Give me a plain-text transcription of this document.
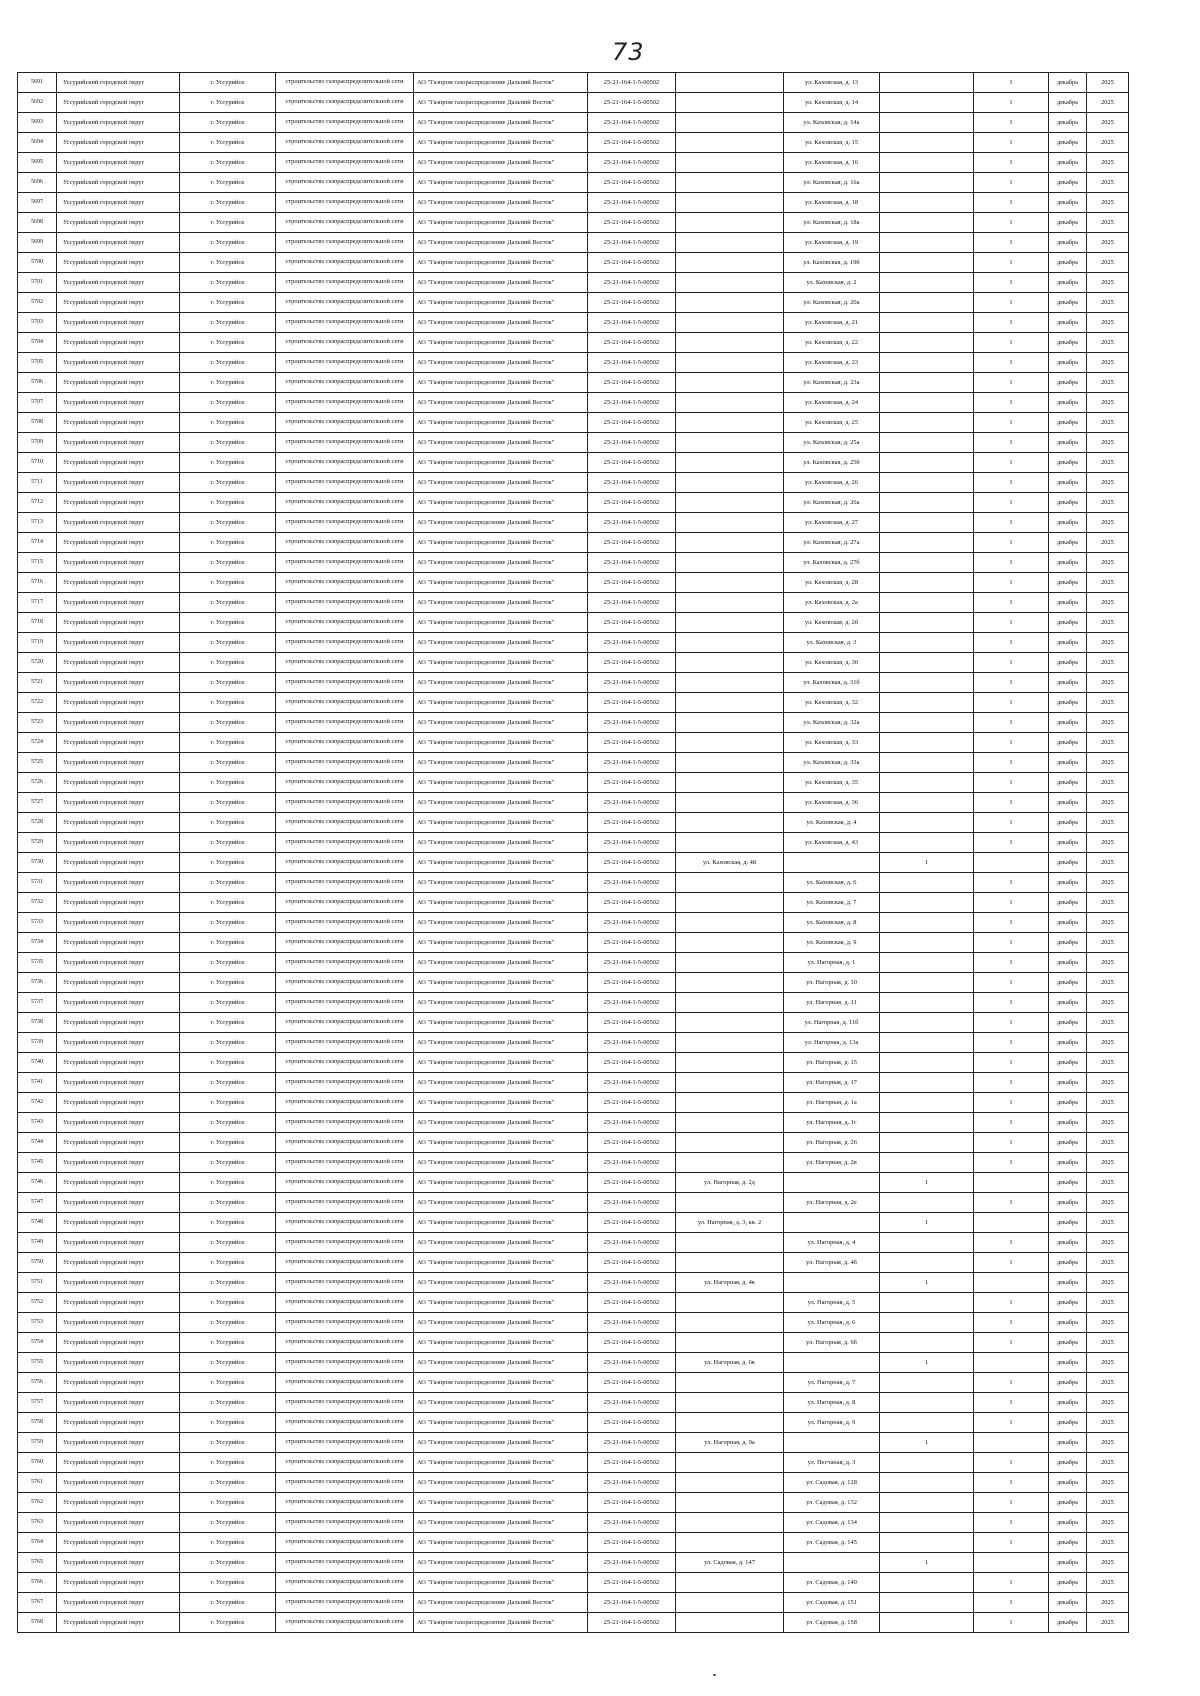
73
5691	Уссурийский городской округ	г. Уссурийск	строительство газораспределительной сети	АО "Газпром газораспределение Дальний Восток"	25-21-164-1-5-00502		ул. Каховская, д. 13		1	декабрь	2025
5692	Уссурийский городской округ	г. Уссурийск	строительство газораспределительной сети	АО "Газпром газораспределение Дальний Восток"	25-21-164-1-5-00502		ул. Каховская, д. 14		1	декабрь	2025
5693	Уссурийский городской округ	г. Уссурийск	строительство газораспределительной сети	АО "Газпром газораспределение Дальний Восток"	25-21-164-1-5-00502		ул. Каховская, д. 14а		1	декабрь	2025
5694	Уссурийский городской округ	г. Уссурийск	строительство газораспределительной сети	АО "Газпром газораспределение Дальний Восток"	25-21-164-1-5-00502		ул. Каховская, д. 15		1	декабрь	2025
5695	Уссурийский городской округ	г. Уссурийск	строительство газораспределительной сети	АО "Газпром газораспределение Дальний Восток"	25-21-164-1-5-00502		ул. Каховская, д. 16		1	декабрь	2025
5696	Уссурийский городской округ	г. Уссурийск	строительство газораспределительной сети	АО "Газпром газораспределение Дальний Восток"	25-21-164-1-5-00502		ул. Каховская, д. 16а		1	декабрь	2025
5697	Уссурийский городской округ	г. Уссурийск	строительство газораспределительной сети	АО "Газпром газораспределение Дальний Восток"	25-21-164-1-5-00502		ул. Каховская, д. 18		1	декабрь	2025
5698	Уссурийский городской округ	г. Уссурийск	строительство газораспределительной сети	АО "Газпром газораспределение Дальний Восток"	25-21-164-1-5-00502		ул. Каховская, д. 18а		1	декабрь	2025
5699	Уссурийский городской округ	г. Уссурийск	строительство газораспределительной сети	АО "Газпром газораспределение Дальний Восток"	25-21-164-1-5-00502		ул. Каховская, д. 19		1	декабрь	2025
5700	Уссурийский городской округ	г. Уссурийск	строительство газораспределительной сети	АО "Газпром газораспределение Дальний Восток"	25-21-164-1-5-00502		ул. Каховская, д. 19б		1	декабрь	2025
5701	Уссурийский городской округ	г. Уссурийск	строительство газораспределительной сети	АО "Газпром газораспределение Дальний Восток"	25-21-164-1-5-00502		ул. Каховская, д. 2		1	декабрь	2025
5702	Уссурийский городской округ	г. Уссурийск	строительство газораспределительной сети	АО "Газпром газораспределение Дальний Восток"	25-21-164-1-5-00502		ул. Каховская, д. 20а		1	декабрь	2025
5703	Уссурийский городской округ	г. Уссурийск	строительство газораспределительной сети	АО "Газпром газораспределение Дальний Восток"	25-21-164-1-5-00502		ул. Каховская, д. 21		1	декабрь	2025
5704	Уссурийский городской округ	г. Уссурийск	строительство газораспределительной сети	АО "Газпром газораспределение Дальний Восток"	25-21-164-1-5-00502		ул. Каховская, д. 22		1	декабрь	2025
5705	Уссурийский городской округ	г. Уссурийск	строительство газораспределительной сети	АО "Газпром газораспределение Дальний Восток"	25-21-164-1-5-00502		ул. Каховская, д. 23		1	декабрь	2025
5706	Уссурийский городской округ	г. Уссурийск	строительство газораспределительной сети	АО "Газпром газораспределение Дальний Восток"	25-21-164-1-5-00502		ул. Каховская, д. 23а		1	декабрь	2025
5707	Уссурийский городской округ	г. Уссурийск	строительство газораспределительной сети	АО "Газпром газораспределение Дальний Восток"	25-21-164-1-5-00502		ул. Каховская, д. 24		1	декабрь	2025
5708	Уссурийский городской округ	г. Уссурийск	строительство газораспределительной сети	АО "Газпром газораспределение Дальний Восток"	25-21-164-1-5-00502		ул. Каховская, д. 25		1	декабрь	2025
5709	Уссурийский городской округ	г. Уссурийск	строительство газораспределительной сети	АО "Газпром газораспределение Дальний Восток"	25-21-164-1-5-00502		ул. Каховская, д. 25а		1	декабрь	2025
5710	Уссурийский городской округ	г. Уссурийск	строительство газораспределительной сети	АО "Газпром газораспределение Дальний Восток"	25-21-164-1-5-00502		ул. Каховская, д. 25б		1	декабрь	2025
5711	Уссурийский городской округ	г. Уссурийск	строительство газораспределительной сети	АО "Газпром газораспределение Дальний Восток"	25-21-164-1-5-00502		ул. Каховская, д. 26		1	декабрь	2025
5712	Уссурийский городской округ	г. Уссурийск	строительство газораспределительной сети	АО "Газпром газораспределение Дальний Восток"	25-21-164-1-5-00502		ул. Каховская, д. 26а		1	декабрь	2025
5713	Уссурийский городской округ	г. Уссурийск	строительство газораспределительной сети	АО "Газпром газораспределение Дальний Восток"	25-21-164-1-5-00502		ул. Каховская, д. 27		1	декабрь	2025
5714	Уссурийский городской округ	г. Уссурийск	строительство газораспределительной сети	АО "Газпром газораспределение Дальний Восток"	25-21-164-1-5-00502		ул. Каховская, д. 27а		1	декабрь	2025
5715	Уссурийский городской округ	г. Уссурийск	строительство газораспределительной сети	АО "Газпром газораспределение Дальний Восток"	25-21-164-1-5-00502		ул. Каховская, д. 27б		1	декабрь	2025
5716	Уссурийский городской округ	г. Уссурийск	строительство газораспределительной сети	АО "Газпром газораспределение Дальний Восток"	25-21-164-1-5-00502		ул. Каховская, д. 28		1	декабрь	2025
5717	Уссурийский городской округ	г. Уссурийск	строительство газораспределительной сети	АО "Газпром газораспределение Дальний Восток"	25-21-164-1-5-00502		ул. Каховская, д. 2а		1	декабрь	2025
5718	Уссурийский городской округ	г. Уссурийск	строительство газораспределительной сети	АО "Газпром газораспределение Дальний Восток"	25-21-164-1-5-00502		ул. Каховская, д. 2б		1	декабрь	2025
5719	Уссурийский городской округ	г. Уссурийск	строительство газораспределительной сети	АО "Газпром газораспределение Дальний Восток"	25-21-164-1-5-00502		ул. Каховская, д. 3		1	декабрь	2025
5720	Уссурийский городской округ	г. Уссурийск	строительство газораспределительной сети	АО "Газпром газораспределение Дальний Восток"	25-21-164-1-5-00502		ул. Каховская, д. 30		1	декабрь	2025
5721	Уссурийский городской округ	г. Уссурийск	строительство газораспределительной сети	АО "Газпром газораспределение Дальний Восток"	25-21-164-1-5-00502		ул. Каховская, д. 31б		1	декабрь	2025
5722	Уссурийский городской округ	г. Уссурийск	строительство газораспределительной сети	АО "Газпром газораспределение Дальний Восток"	25-21-164-1-5-00502		ул. Каховская, д. 32		1	декабрь	2025
5723	Уссурийский городской округ	г. Уссурийск	строительство газораспределительной сети	АО "Газпром газораспределение Дальний Восток"	25-21-164-1-5-00502		ул. Каховская, д. 32а		1	декабрь	2025
5724	Уссурийский городской округ	г. Уссурийск	строительство газораспределительной сети	АО "Газпром газораспределение Дальний Восток"	25-21-164-1-5-00502		ул. Каховская, д. 33		1	декабрь	2025
5725	Уссурийский городской округ	г. Уссурийск	строительство газораспределительной сети	АО "Газпром газораспределение Дальний Восток"	25-21-164-1-5-00502		ул. Каховская, д. 33а		1	декабрь	2025
5726	Уссурийский городской округ	г. Уссурийск	строительство газораспределительной сети	АО "Газпром газораспределение Дальний Восток"	25-21-164-1-5-00502		ул. Каховская, д. 35		1	декабрь	2025
5727	Уссурийский городской округ	г. Уссурийск	строительство газораспределительной сети	АО "Газпром газораспределение Дальний Восток"	25-21-164-1-5-00502		ул. Каховская, д. 36		1	декабрь	2025
5728	Уссурийский городской округ	г. Уссурийск	строительство газораспределительной сети	АО "Газпром газораспределение Дальний Восток"	25-21-164-1-5-00502		ул. Каховская, д. 4		1	декабрь	2025
5729	Уссурийский городской округ	г. Уссурийск	строительство газораспределительной сети	АО "Газпром газораспределение Дальний Восток"	25-21-164-1-5-00502		ул. Каховская, д. 43		1	декабрь	2025
5730	Уссурийский городской округ	г. Уссурийск	строительство газораспределительной сети	АО "Газпром газораспределение Дальний Восток"	25-21-164-1-5-00502	ул. Каховская, д. 48		1		декабрь	2025
5731	Уссурийский городской округ	г. Уссурийск	строительство газораспределительной сети	АО "Газпром газораспределение Дальний Восток"	25-21-164-1-5-00502		ул. Каховская, д. 6		1	декабрь	2025
5732	Уссурийский городской округ	г. Уссурийск	строительство газораспределительной сети	АО "Газпром газораспределение Дальний Восток"	25-21-164-1-5-00502		ул. Каховская, д. 7		1	декабрь	2025
5733	Уссурийский городской округ	г. Уссурийск	строительство газораспределительной сети	АО "Газпром газораспределение Дальний Восток"	25-21-164-1-5-00502		ул. Каховская, д. 8		1	декабрь	2025
5734	Уссурийский городской округ	г. Уссурийск	строительство газораспределительной сети	АО "Газпром газораспределение Дальний Восток"	25-21-164-1-5-00502		ул. Каховская, д. 9		1	декабрь	2025
5735	Уссурийский городской округ	г. Уссурийск	строительство газораспределительной сети	АО "Газпром газораспределение Дальний Восток"	25-21-164-1-5-00502		ул. Нагорная, д. 1		1	декабрь	2025
5736	Уссурийский городской округ	г. Уссурийск	строительство газораспределительной сети	АО "Газпром газораспределение Дальний Восток"	25-21-164-1-5-00502		ул. Нагорная, д. 10		1	декабрь	2025
5737	Уссурийский городской округ	г. Уссурийск	строительство газораспределительной сети	АО "Газпром газораспределение Дальний Восток"	25-21-164-1-5-00502		ул. Нагорная, д. 11		1	декабрь	2025
5738	Уссурийский городской округ	г. Уссурийск	строительство газораспределительной сети	АО "Газпром газораспределение Дальний Восток"	25-21-164-1-5-00502		ул. Нагорная, д. 11б		1	декабрь	2025
5739	Уссурийский городской округ	г. Уссурийск	строительство газораспределительной сети	АО "Газпром газораспределение Дальний Восток"	25-21-164-1-5-00502		ул. Нагорная, д. 13а		1	декабрь	2025
5740	Уссурийский городской округ	г. Уссурийск	строительство газораспределительной сети	АО "Газпром газораспределение Дальний Восток"	25-21-164-1-5-00502		ул. Нагорная, д. 15		1	декабрь	2025
5741	Уссурийский городской округ	г. Уссурийск	строительство газораспределительной сети	АО "Газпром газораспределение Дальний Восток"	25-21-164-1-5-00502		ул. Нагорная, д. 17		1	декабрь	2025
5742	Уссурийский городской округ	г. Уссурийск	строительство газораспределительной сети	АО "Газпром газораспределение Дальний Восток"	25-21-164-1-5-00502		ул. Нагорная, д. 1а		1	декабрь	2025
5743	Уссурийский городской округ	г. Уссурийск	строительство газораспределительной сети	АО "Газпром газораспределение Дальний Восток"	25-21-164-1-5-00502		ул. Нагорная, д. 1г		1	декабрь	2025
5744	Уссурийский городской округ	г. Уссурийск	строительство газораспределительной сети	АО "Газпром газораспределение Дальний Восток"	25-21-164-1-5-00502		ул. Нагорная, д. 26		1	декабрь	2025
5745	Уссурийский городской округ	г. Уссурийск	строительство газораспределительной сети	АО "Газпром газораспределение Дальний Восток"	25-21-164-1-5-00502		ул. Нагорная, д. 2в		1	декабрь	2025
5746	Уссурийский городской округ	г. Уссурийск	строительство газораспределительной сети	АО "Газпром газораспределение Дальний Восток"	25-21-164-1-5-00502	ул. Нагорная, д. 2д		1		декабрь	2025
5747	Уссурийский городской округ	г. Уссурийск	строительство газораспределительной сети	АО "Газпром газораспределение Дальний Восток"	25-21-164-1-5-00502		ул. Нагорная, д. 2е		1	декабрь	2025
5748	Уссурийский городской округ	г. Уссурийск	строительство газораспределительной сети	АО "Газпром газораспределение Дальний Восток"	25-21-164-1-5-00502	ул. Нагорная, д. 3, кв. 2		1		декабрь	2025
5749	Уссурийский городской округ	г. Уссурийск	строительство газораспределительной сети	АО "Газпром газораспределение Дальний Восток"	25-21-164-1-5-00502		ул. Нагорная, д. 4		1	декабрь	2025
5750	Уссурийский городской округ	г. Уссурийск	строительство газораспределительной сети	АО "Газпром газораспределение Дальний Восток"	25-21-164-1-5-00502		ул. Нагорная, д. 4б		1	декабрь	2025
5751	Уссурийский городской округ	г. Уссурийск	строительство газораспределительной сети	АО "Газпром газораспределение Дальний Восток"	25-21-164-1-5-00502	ул. Нагорная, д. 4в		1		декабрь	2025
5752	Уссурийский городской округ	г. Уссурийск	строительство газораспределительной сети	АО "Газпром газораспределение Дальний Восток"	25-21-164-1-5-00502		ул. Нагорная, д. 5		1	декабрь	2025
5753	Уссурийский городской округ	г. Уссурийск	строительство газораспределительной сети	АО "Газпром газораспределение Дальний Восток"	25-21-164-1-5-00502		ул. Нагорная, д. 6		1	декабрь	2025
5754	Уссурийский городской округ	г. Уссурийск	строительство газораспределительной сети	АО "Газпром газораспределение Дальний Восток"	25-21-164-1-5-00502		ул. Нагорная, д. 6б		1	декабрь	2025
5755	Уссурийский городской округ	г. Уссурийск	строительство газораспределительной сети	АО "Газпром газораспределение Дальний Восток"	25-21-164-1-5-00502	ул. Нагорная, д. 6в		1		декабрь	2025
5756	Уссурийский городской округ	г. Уссурийск	строительство газораспределительной сети	АО "Газпром газораспределение Дальний Восток"	25-21-164-1-5-00502		ул. Нагорная, д. 7		1	декабрь	2025
5757	Уссурийский городской округ	г. Уссурийск	строительство газораспределительной сети	АО "Газпром газораспределение Дальний Восток"	25-21-164-1-5-00502		ул. Нагорная, д. 8		1	декабрь	2025
5758	Уссурийский городской округ	г. Уссурийск	строительство газораспределительной сети	АО "Газпром газораспределение Дальний Восток"	25-21-164-1-5-00502		ул. Нагорная, д. 9		1	декабрь	2025
5759	Уссурийский городской округ	г. Уссурийск	строительство газораспределительной сети	АО "Газпром газораспределение Дальний Восток"	25-21-164-1-5-00502	ул. Нагорная, д. 9а		1		декабрь	2025
5760	Уссурийский городской округ	г. Уссурийск	строительство газораспределительной сети	АО "Газпром газораспределение Дальний Восток"	25-21-164-1-5-00502		ул. Песчаная, д. 3		1	декабрь	2025
5761	Уссурийский городской округ	г. Уссурийск	строительство газораспределительной сети	АО "Газпром газораспределение Дальний Восток"	25-21-164-1-5-00502		ул. Садовая, д. 128		1	декабрь	2025
5762	Уссурийский городской округ	г. Уссурийск	строительство газораспределительной сети	АО "Газпром газораспределение Дальний Восток"	25-21-164-1-5-00502		ул. Садовая, д. 132		1	декабрь	2025
5763	Уссурийский городской округ	г. Уссурийск	строительство газораспределительной сети	АО "Газпром газораспределение Дальний Восток"	25-21-164-1-5-00502		ул. Садовая, д. 134		1	декабрь	2025
5764	Уссурийский городской округ	г. Уссурийск	строительство газораспределительной сети	АО "Газпром газораспределение Дальний Восток"	25-21-164-1-5-00502		ул. Садовая, д. 145		1	декабрь	2025
5765	Уссурийский городской округ	г. Уссурийск	строительство газораспределительной сети	АО "Газпром газораспределение Дальний Восток"	25-21-164-1-5-00502	ул. Садовая, д. 147		1		декабрь	2025
5766	Уссурийский городской округ	г. Уссурийск	строительство газораспределительной сети	АО "Газпром газораспределение Дальний Восток"	25-21-164-1-5-00502		ул. Садовая, д. 149		1	декабрь	2025
5767	Уссурийский городской округ	г. Уссурийск	строительство газораспределительной сети	АО "Газпром газораспределение Дальний Восток"	25-21-164-1-5-00502		ул. Садовая, д. 151		1	декабрь	2025
5768	Уссурийский городской округ	г. Уссурийск	строительство газораспределительной сети	АО "Газпром газораспределение Дальний Восток"	25-21-164-1-5-00502		ул. Садовая, д. 158		1	декабрь	2025
